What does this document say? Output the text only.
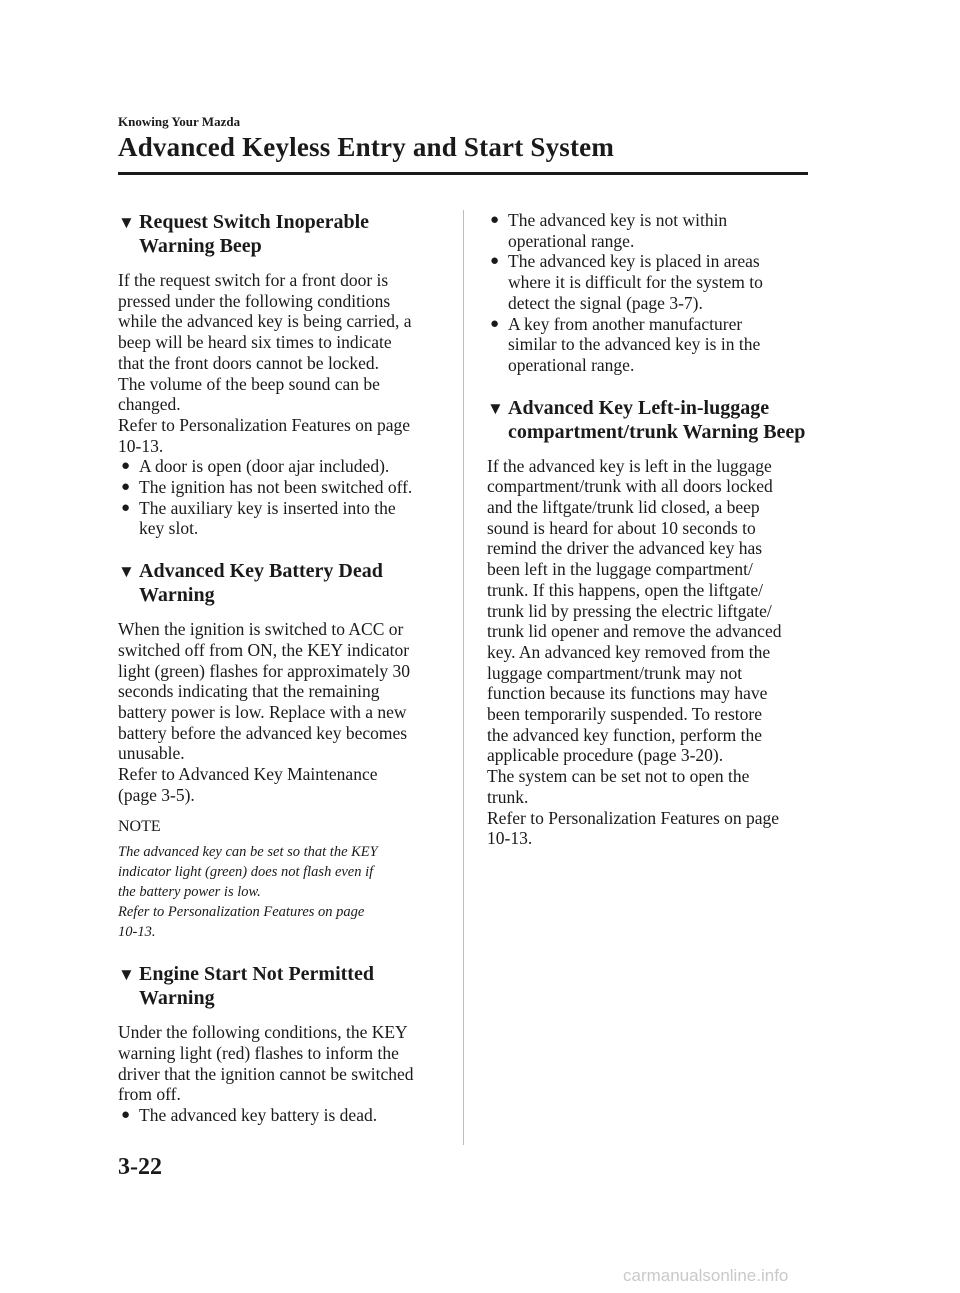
Knowing Your Mazda
Advanced Keyless Entry and Start System
▼ Request Switch Inoperable
Warning Beep

If the request switch for a front door is
pressed under the following conditions
while the advanced key is being carried, a
beep will be heard six times to indicate
that the front doors cannot be locked.
The volume of the beep sound can be
changed.
Refer to Personalization Features on page
10-13.

● A door is open (door ajar included).
● The ignition has not been switched off.
● The auxiliary key is inserted into the
key slot.
▼ Advanced Key Battery Dead
Warning

When the ignition is switched to ACC or
switched off from ON, the KEY indicator
light (green) flashes for approximately 30
seconds indicating that the remaining
battery power is low. Replace with a new
battery before the advanced key becomes
unusable.
Refer to Advanced Key Maintenance
(page 3-5).

NOTE

The advanced key can be set so that the KEY
indicator light (green) does not flash even if
the battery power is low.
Refer to Personalization Features on page
10-13.

▼ Engine Start Not Permitted Warning

Under the following conditions, the KEY
warning light (red) flashes to inform the
driver that the ignition cannot be switched
from off.

● The advanced key battery is dead.
● The advanced key is not within
operational range.
● The advanced key is placed in areas
where it is difficult for the system to
detect the signal (page 3-7).
● A key from another manufacturer
similar to the advanced key is in the
operational range.
▼ Advanced Key Left-in-luggage
compartment/trunk Warning Beep

If the advanced key is left in the luggage
compartment/trunk with all doors locked
and the liftgate/trunk lid closed, a beep
sound is heard for about 10 seconds to
remind the driver the advanced key has
been left in the luggage compartment/
trunk. If this happens, open the liftgate/
trunk lid by pressing the electric liftgate/
trunk lid opener and remove the advanced
key. An advanced key removed from the
luggage compartment/trunk may not
function because its functions may have
been temporarily suspended. To restore
the advanced key function, perform the
applicable procedure (page 3-20).
The system can be set not to open the
trunk.
Refer to Personalization Features on page
10-13.

3-22
carmanualsonline.info
